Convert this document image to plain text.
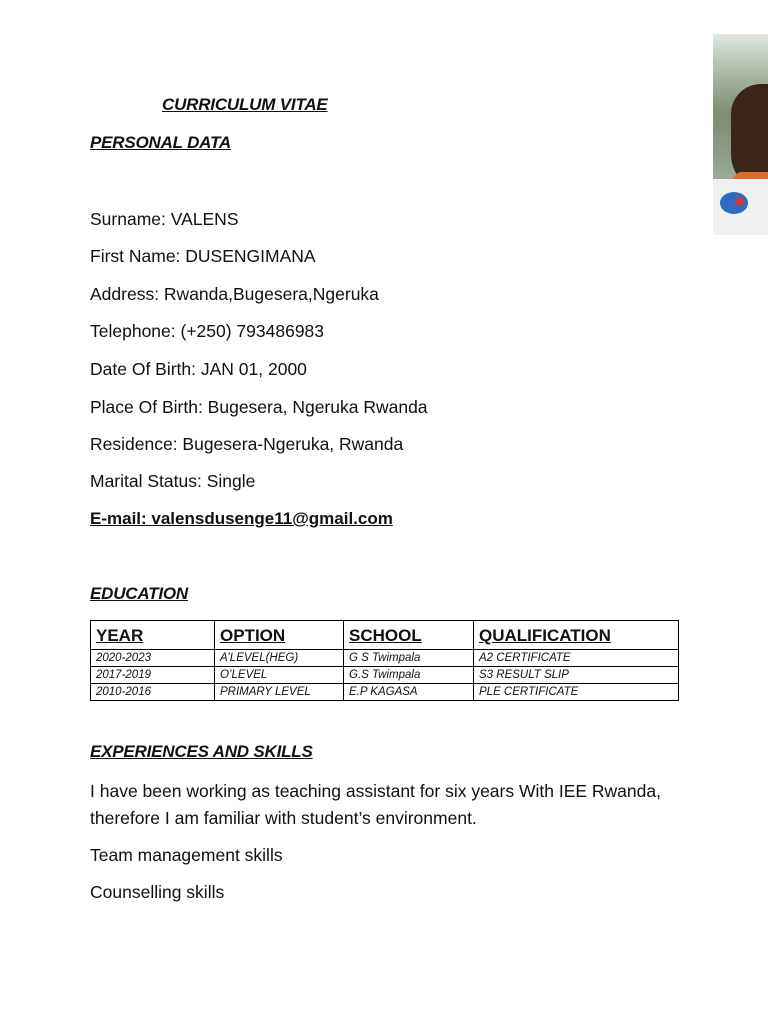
CURRICULUM VITAE
PERSONAL DATA
Surname: VALENS
First Name: DUSENGIMANA
Address: Rwanda,Bugesera,Ngeruka
Telephone: (+250) 793486983
Date Of Birth: JAN 01, 2000
Place Of Birth: Bugesera, Ngeruka Rwanda
Residence: Bugesera-Ngeruka, Rwanda
Marital Status: Single
E-mail: valensdusenge11@gmail.com
EDUCATION
YEAR	OPTION	SCHOOL	QUALIFICATION
2020-2023	A’LEVEL(HEG)	G S Twimpala	A2 CERTIFICATE
2017-2019	O’LEVEL	G.S Twimpala	S3 RESULT SLIP
2010-2016	PRIMARY LEVEL	E.P KAGASA	PLE CERTIFICATE
EXPERIENCES AND SKILLS
I have been working as teaching assistant for six years With IEE Rwanda, therefore I am familiar with student’s environment.
Team management skills
Counselling skills
